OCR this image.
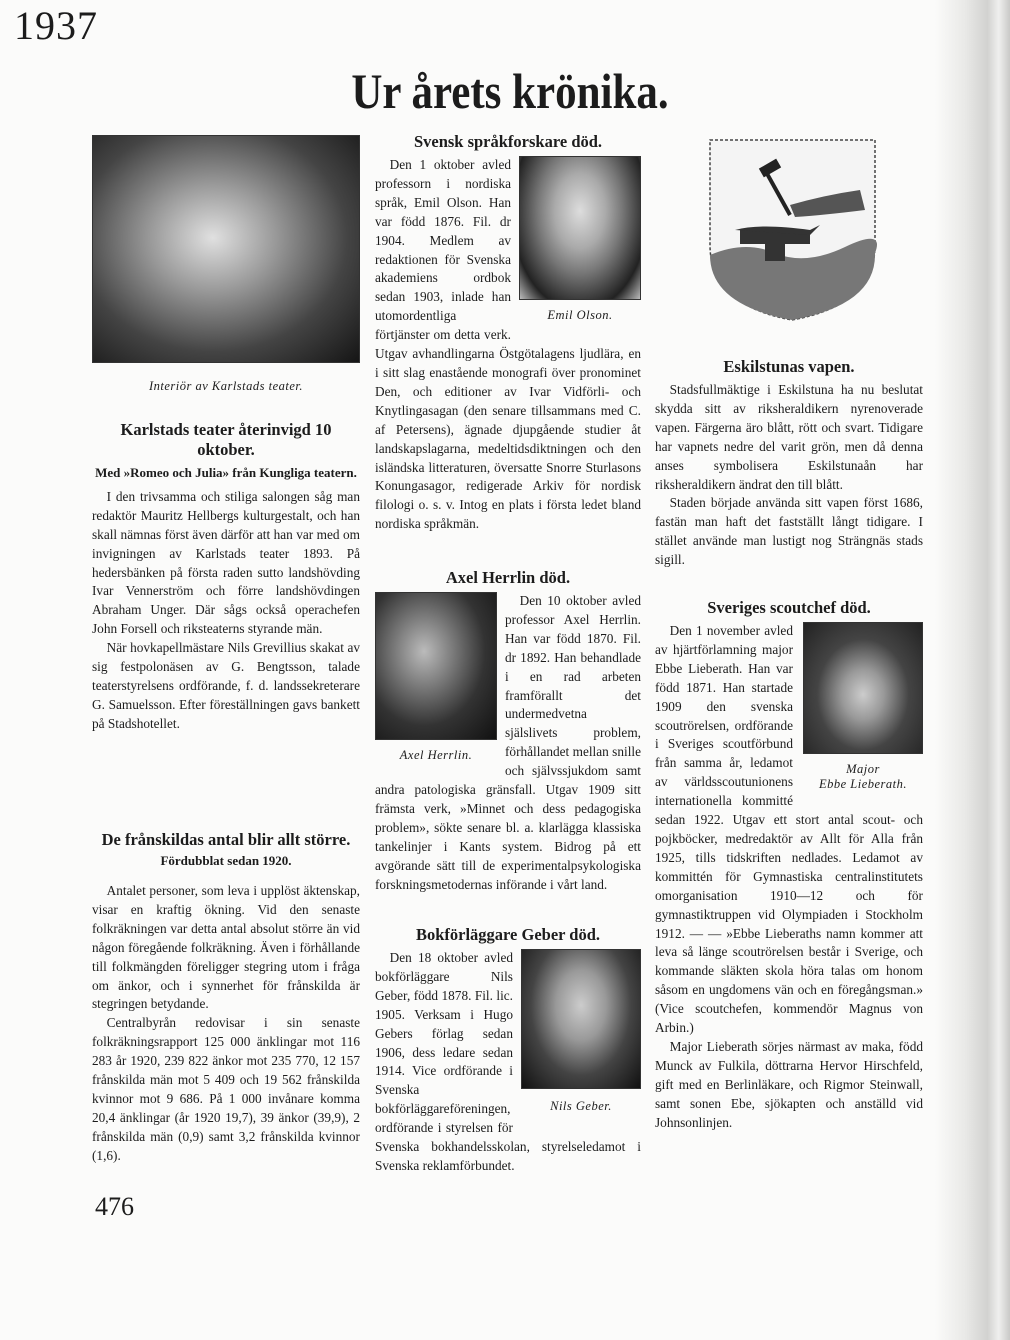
1937
Ur årets krönika.
Interiör av Karlstads teater.
Karlstads teater återinvigd 10 oktober.
Med »Romeo och Julia» från Kungliga teatern.

I den trivsamma och stiliga salongen såg man redaktör Mauritz Hellbergs kulturgestalt, och han skall nämnas först även därför att han var med om invigningen av Karlstads teater 1893. På hedersbänken på första raden sutto landshövding Ivar Vennerström och förre landshövdingen Abraham Unger. Där sågs också operachefen John Forsell och riksteaterns styrande män.

När hovkapellmästare Nils Grevillius skakat av sig festpolonäsen av G. Bengtsson, talade teaterstyrelsens ordförande, f. d. landssekreterare G. Samuelsson. Efter föreställningen gavs bankett på Stadshotellet.

De frånskildas antal blir allt större.
Fördubblat sedan 1920.

Antalet personer, som leva i upplöst äktenskap, visar en kraftig ökning. Vid den senaste folkräkningen var detta antal absolut större än vid någon föregående folkräkning. Även i förhållande till folkmängden föreligger stegring utom i fråga om änkor, och i synnerhet för frånskilda är stegringen betydande.

Centralbyrån redovisar i sin senaste folkräkningsrapport 125 000 änklingar mot 116 283 år 1920, 239 822 änkor mot 235 770, 12 157 frånskilda män mot 5 409 och 19 562 frånskilda kvinnor mot 9 686. På 1 000 invånare komma 20,4 änklingar (år 1920 19,7), 39 änkor (39,9), 2 frånskilda män (0,9) samt 3,2 frånskilda kvinnor (1,6).

476
Svensk språkforskare död.
Emil Olson.

Den 1 oktober avled professorn i nordiska språk, Emil Olson. Han var född 1876. Fil. dr 1904. Medlem av redaktionen för Svenska akademiens ordbok sedan 1903, inlade han utomordentliga förtjänster om detta verk. Utgav avhandlingarna Östgötalagens ljudlära, en i sitt slag enastående monografi över pronominet Den, och editioner av Ivar Vidförli- och Knytlingasagan (den senare tillsammans med C. af Petersens), ägnade djupgående studier åt landskapslagarna, medeltidsdiktningen och den isländska litteraturen, översatte Snorre Sturlasons Konungasagor, redigerade Arkiv för nordisk filologi o. s. v. Intog en plats i första ledet bland nordiska språkmän.

Axel Herrlin död.
Axel Herrlin.

Den 10 oktober avled professor Axel Herrlin. Han var född 1870. Fil. dr 1892. Han behandlade i en rad arbeten framförallt det undermedvetna själslivets problem, förhållandet mellan snille och självssjukdom samt andra patologiska gränsfall. Utgav 1909 sitt främsta verk, »Minnet och dess pedagogiska problem», sökte senare bl. a. klarlägga klassiska tankelinjer i Kants system. Bidrog på ett avgörande sätt till de experimentalpsykologiska forskningsmetodernas införande i vårt land.

Bokförläggare Geber död.
Nils Geber.

Den 18 oktober avled bokförläggare Nils Geber, född 1878. Fil. lic. 1905. Verksam i Hugo Gebers förlag sedan 1906, dess ledare sedan 1914. Vice ordförande i Svenska bokförläggareföreningen, ordförande i styrelsen för Svenska bokhandelsskolan, styrelseledamot i Svenska reklamförbundet.

Eskilstunas vapen.

Stadsfullmäktige i Eskilstuna ha nu beslutat skydda sitt av riksheraldikern nyrenoverade vapen. Färgerna äro blått, rött och svart. Tidigare har vapnets nedre del varit grön, men då denna anses symbolisera Eskilstunaån har riksheraldikern ändrat den till blått.

Staden började använda sitt vapen först 1686, fastän man haft det fastställt långt tidigare. I stället använde man lustigt nog Strängnäs stads sigill.

Sveriges scoutchef död.
Major
Ebbe Lieberath.

Den 1 november avled av hjärtförlamning major Ebbe Lieberath. Han var född 1871. Han startade 1909 den svenska scoutrörelsen, ordförande i Sveriges scoutförbund från samma år, ledamot av världsscoutunionens internationella kommitté sedan 1922. Utgav ett stort antal scout- och pojkböcker, medredaktör av Allt för Alla från 1925, tills tidskriften nedlades. Ledamot av kommittén för Gymnastiska centralinstitutets omorganisation 1910—12 och för gymnastiktruppen vid Olympiaden i Stockholm 1912. — — »Ebbe Lieberaths namn kommer att leva så länge scoutrörelsen består i Sverige, och kommande släkten skola höra talas om honom såsom en ungdomens vän och en föregångsman.» (Vice scoutchefen, kommendör Magnus von Arbin.)

Major Lieberath sörjes närmast av maka, född Munck av Fulkila, döttrarna Hervor Hirschfeld, gift med en Berlinläkare, och Rigmor Steinwall, samt sonen Ebe, sjökapten och anställd vid Johnsonlinjen.
